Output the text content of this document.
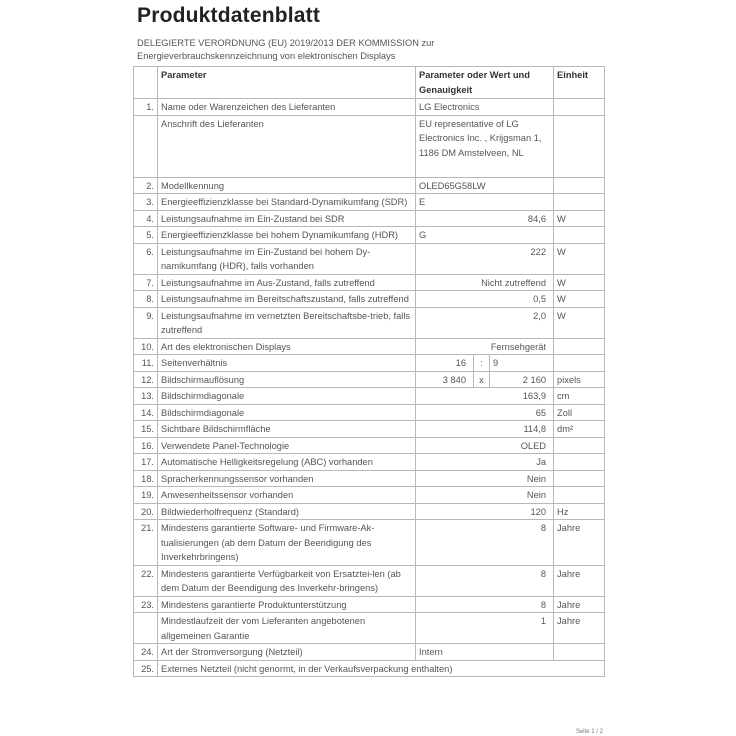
Produktdatenblatt
DELEGIERTE VERORDNUNG (EU) 2019/2013 DER KOMMISSION zur
Energieverbrauchskennzeichnung von elektronischen Displays
	Parameter	Parameter oder Wert und Genauigkeit			Einheit
1.	Name oder Warenzeichen des Lieferanten	LG Electronics			
	Anschrift des Lieferanten	EU representative of LG Electronics Inc. , Krijgsman 1, 1186 DM Amstelveen, NL			
2.	Modellkennung	OLED65G58LW			
3.	Energieeffizienzklasse bei Standard-Dynamikumfang (SDR)	E			
4.	Leistungsaufnahme im Ein-Zustand bei SDR	84,6			W
5.	Energieeffizienzklasse bei hohem Dynamikumfang (HDR)	G			
6.	Leistungsaufnahme im Ein-Zustand bei hohem Dy-namikumfang (HDR), falls vorhanden	222			W
7.	Leistungsaufnahme im Aus-Zustand, falls zutreffend	Nicht zutreffend			W
8.	Leistungsaufnahme im Bereitschaftszustand, falls zutreffend	0,5			W
9.	Leistungsaufnahme im vernetzten Bereitschaftsbe-trieb, falls zutreffend	2,0			W
10.	Art des elektronischen Displays	Fernsehgerät			
11.	Seitenverhältnis	16	:	9	
12.	Bildschirmauflösung	3 840	x	2 160	pixels
13.	Bildschirmdiagonale	163,9			cm
14.	Bildschirmdiagonale	65			Zoll
15.	Sichtbare Bildschirmfläche	114,8			dm²
16.	Verwendete Panel-Technologie	OLED			
17.	Automatische Helligkeitsregelung (ABC) vorhanden	Ja			
18.	Spracherkennungssensor vorhanden	Nein			
19.	Anwesenheitssensor vorhanden	Nein			
20.	Bildwiederholfrequenz (Standard)	120			Hz
21.	Mindestens garantierte Software- und Firmware-Ak-tualisierungen (ab dem Datum der Beendigung des Inverkehrbringens)	8			Jahre
22.	Mindestens garantierte Verfügbarkeit von Ersatztei-len (ab dem Datum der Beendigung des Inverkehr-bringens)	8			Jahre
23.	Mindestens garantierte Produktunterstützung	8			Jahre
	Mindestlaufzeit der vom Lieferanten angebotenen allgemeinen Garantie	1			Jahre
24.	Art der Stromversorgung (Netzteil)	Intern			
25.	Externes Netzteil (nicht genormt, in der Verkaufsverpackung enthalten)				
Seite 1 / 2
